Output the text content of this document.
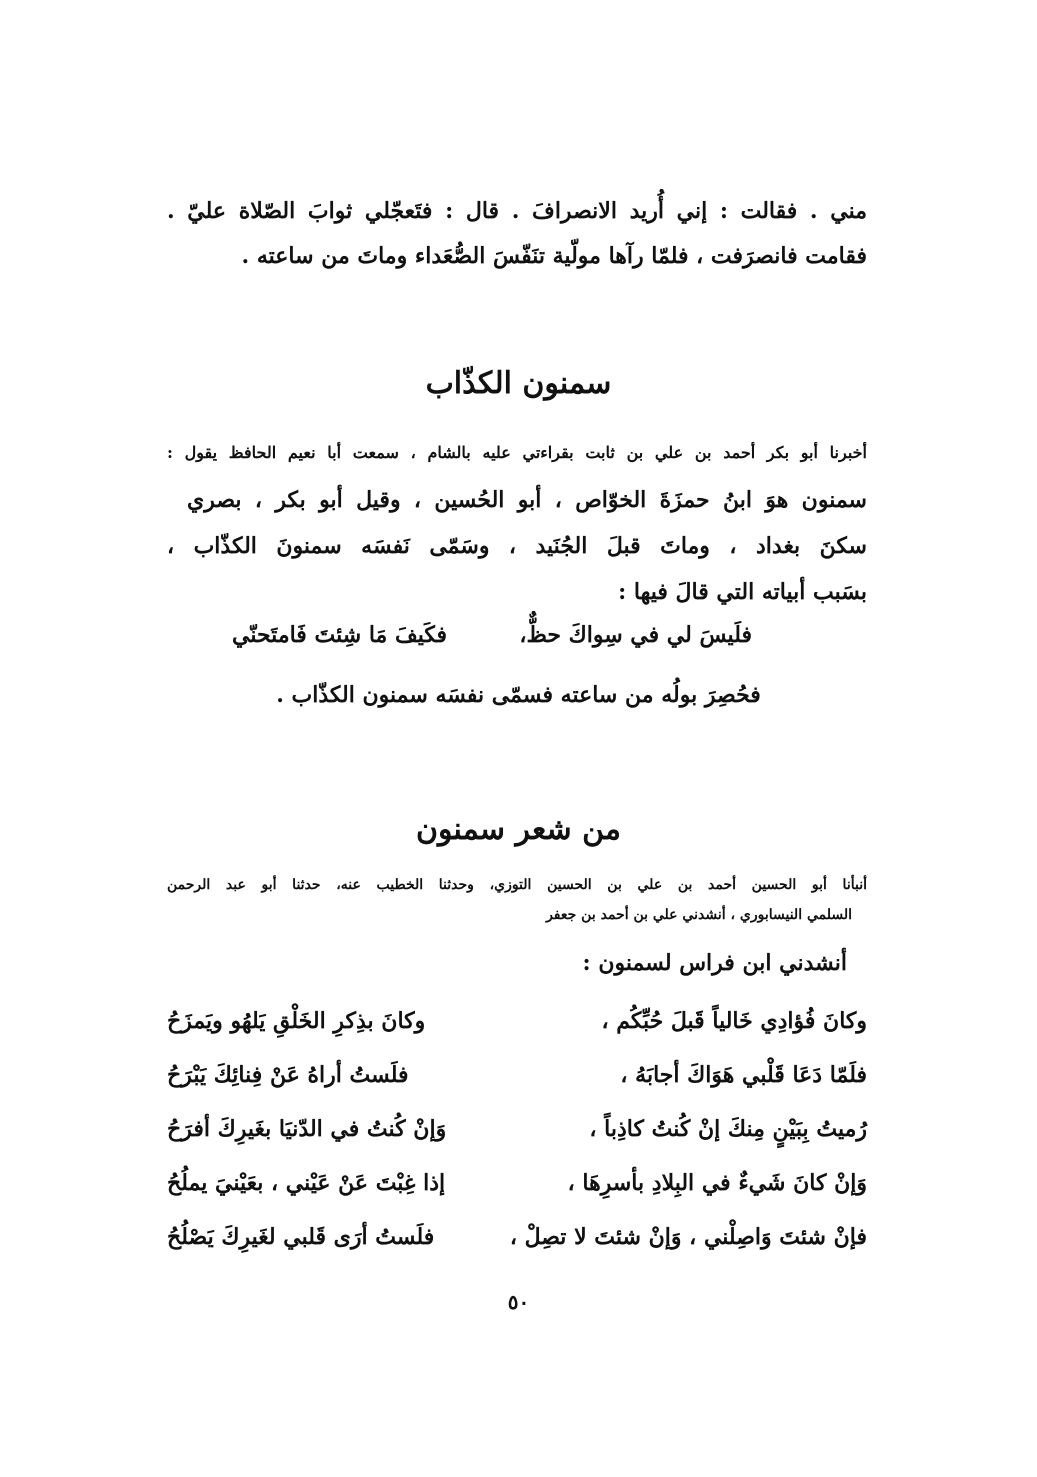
مني . فقالت : إني أُريد الانصرافَ . قال : فتَعجّلي ثوابَ الصّلاة عليّ .
فقامت فانصرَفت ، فلمّا رآها مولّية تنَفّسَ الصُّعَداء وماتَ من ساعته .
سمنون الكذّاب
أخبرنا أبو بكر أحمد بن علي بن ثابت بقراءتي عليه بالشام ، سمعت أبا نعيم الحافظ يقول :
سمنون هوَ ابنُ حمزَةَ الخوّاص ، أبو الحُسين ، وقيل أبو بكر ، بصري
سكنَ بغداد ، وماتَ قبلَ الجُنَيد ، وسَمّى نَفسَه سمنونَ الكذّاب ،
بسَبب أبياته التي قالَ فيها :
فلَيسَ لي في سِواكَ حظٌّ،
فكَيفَ مَا شِئتَ فَامتَحنّي
فحُصِرَ بولُه من ساعته فسمّى نفسَه سمنون الكذّاب .
من شعر سمنون
أنبأنا أبو الحسين أحمد بن علي بن الحسين التوزي، وحدثنا الخطيب عنه، حدثنا أبو عبد الرحمن
السلمي النيسابوري ، أنشدني علي بن أحمد بن جعفر
أنشدني ابن فراس لسمنون :
وكانَ فُؤادِي خَالياً قَبلَ حُبِّكُم ،
وكانَ بذِكرِ الخَلْقِ يَلهُو ويَمزَحُ
فلَمّا دَعَا قَلْبي هَوَاكَ أجابَهُ ،
فلَستُ أراهُ عَنْ فِنائِكَ يَبْرَحُ
رُميتُ بِبَيْنٍ مِنكَ إنْ كُنتُ كاذِباً ،
وَإنْ كُنتُ في الدّنيَا بغَيرِكَ أفرَحُ
وَإنْ كانَ شَيءٌ في البِلادِ بأسرِهَا ،
إذا غِبْتَ عَنْ عَيْني ، بعَيْنيَ يملُحُ
فإنْ شئتَ وَاصِلْني ، وَإنْ شئتَ لا تصِلْ ،
فلَستُ أرَى قَلبي لغَيرِكَ يَصْلُحُ
٥٠
